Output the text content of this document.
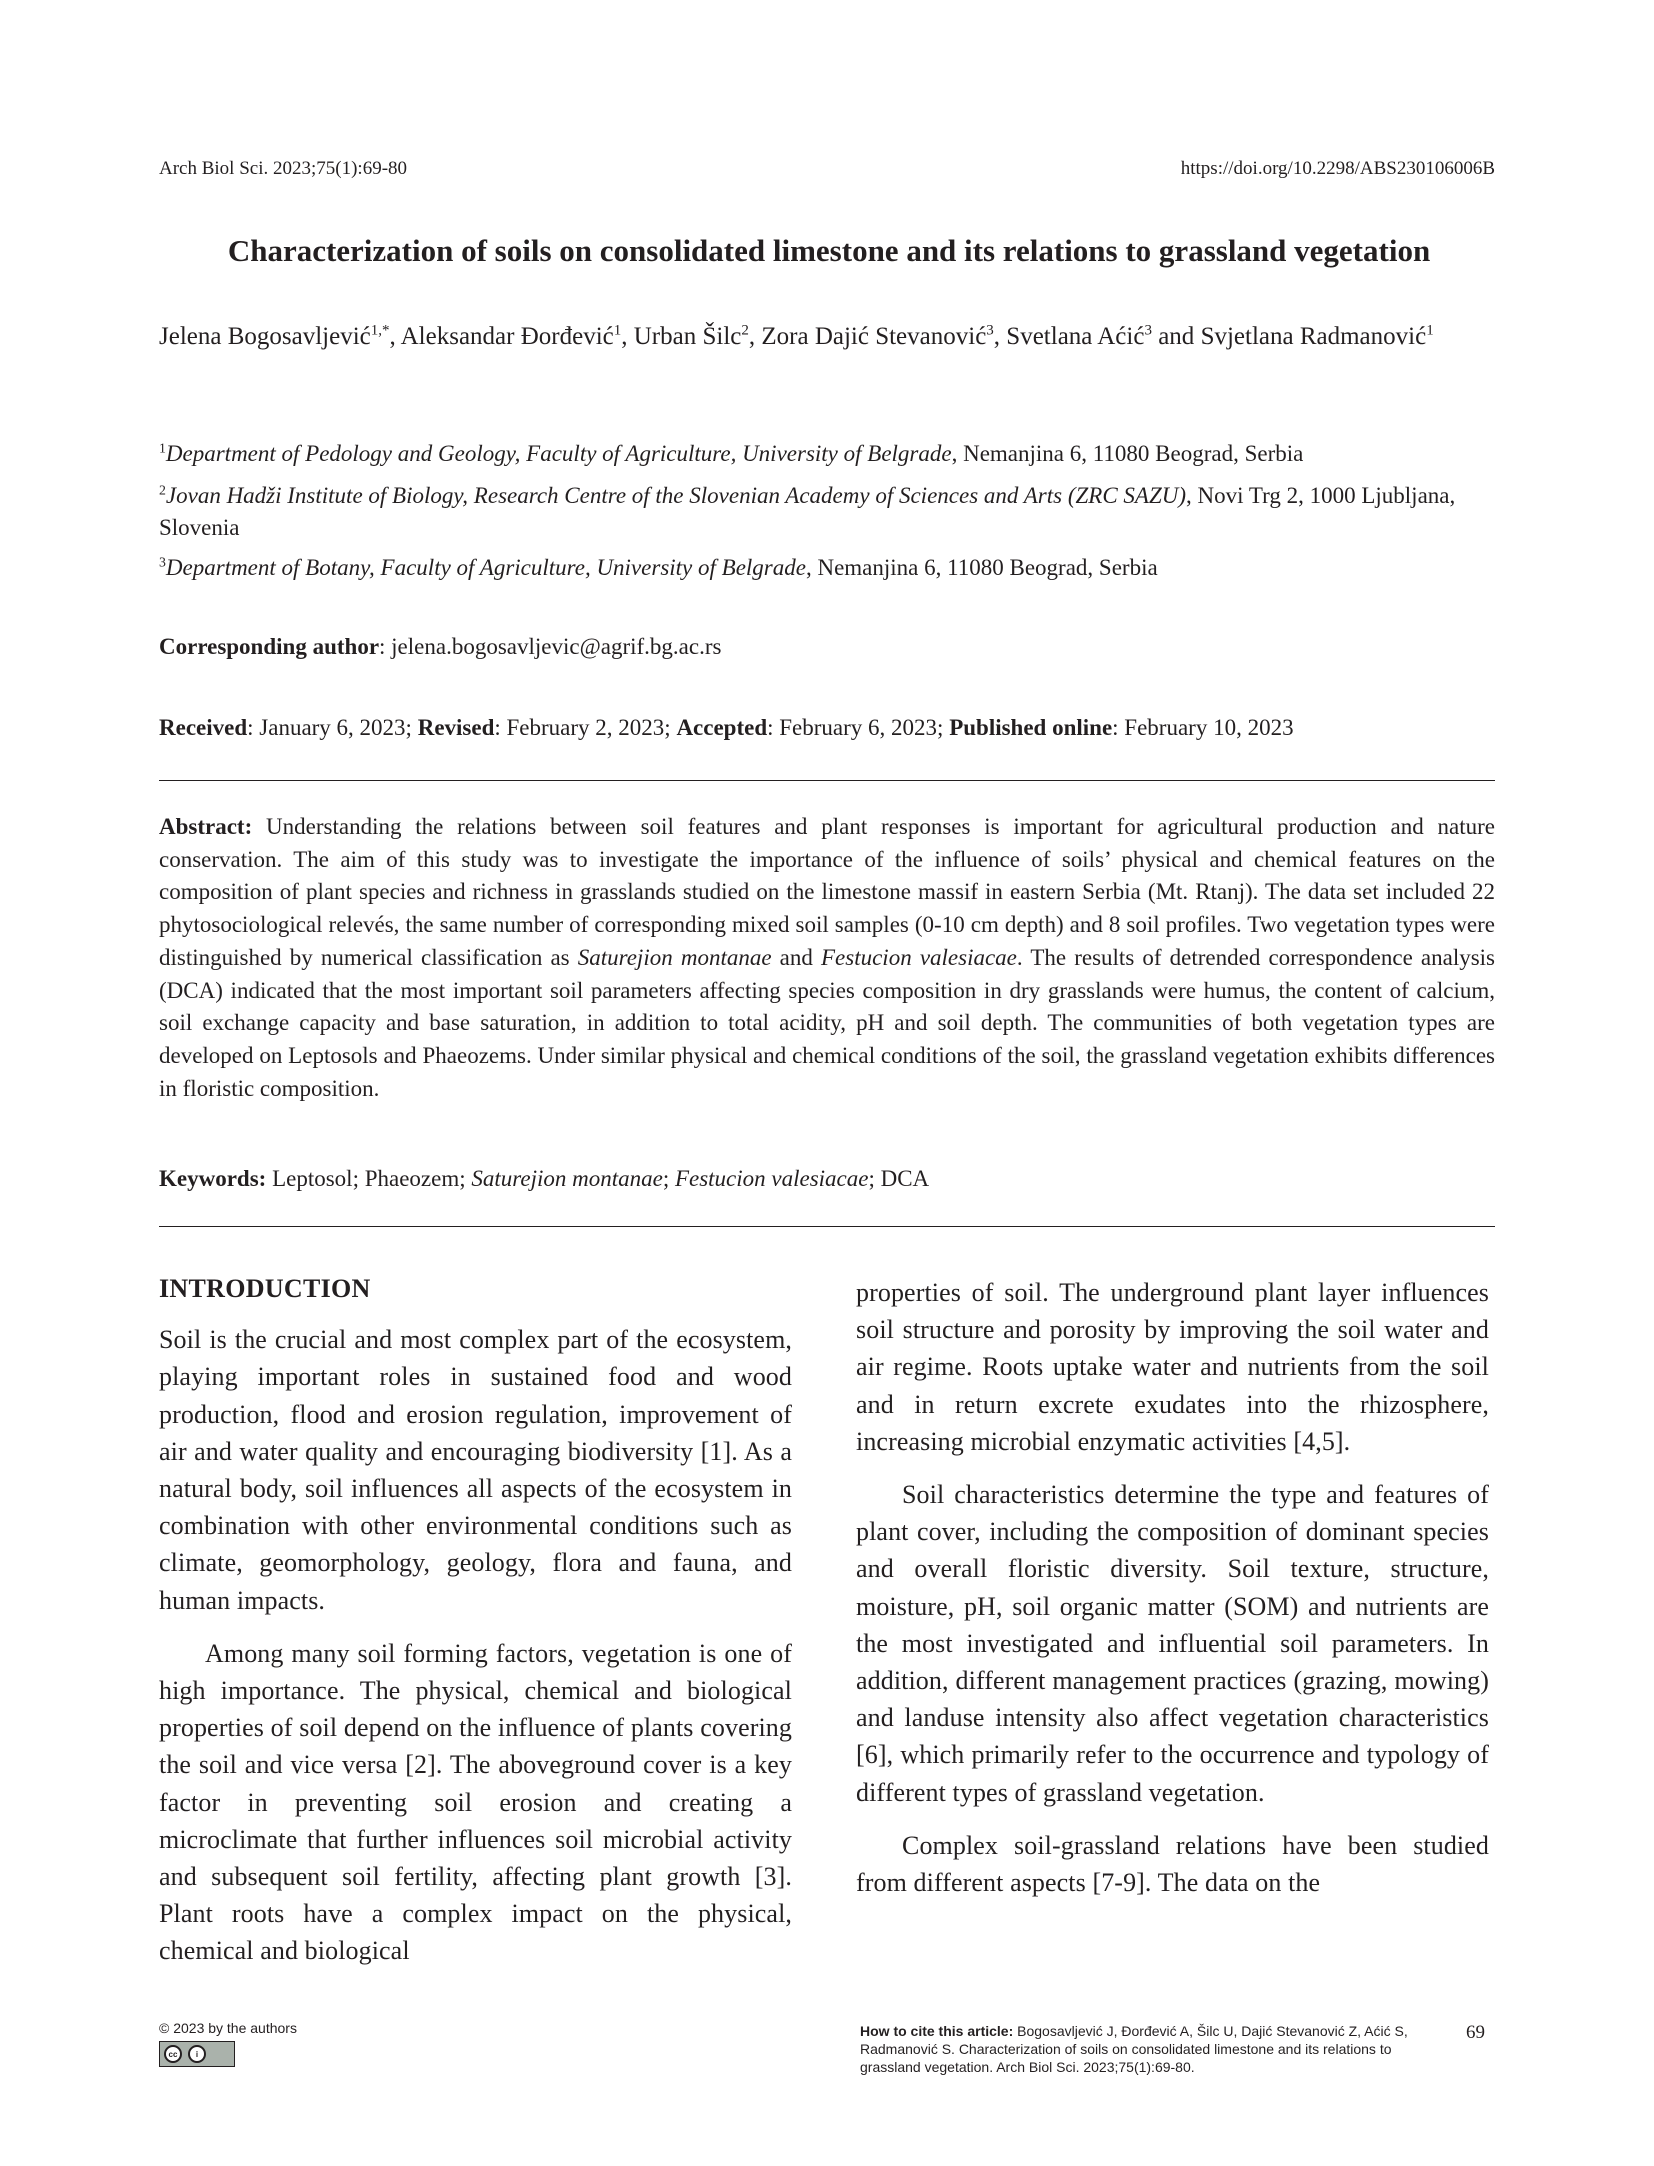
Arch Biol Sci. 2023;75(1):69-80	https://doi.org/10.2298/ABS230106006B
Characterization of soils on consolidated limestone and its relations to grassland vegetation
Jelena Bogosavljević$^{1,*}$, Aleksandar Đorđević$^1$, Urban Šilc$^2$, Zora Dajić Stevanović$^3$, Svetlana Aćić$^3$ and Svjetlana Radmanović$^1$
$^1$Department of Pedology and Geology, Faculty of Agriculture, University of Belgrade, Nemanjina 6, 11080 Beograd, Serbia
$^2$Jovan Hadži Institute of Biology, Research Centre of the Slovenian Academy of Sciences and Arts (ZRC SAZU), Novi Trg 2, 1000 Ljubljana, Slovenia
$^3$Department of Botany, Faculty of Agriculture, University of Belgrade, Nemanjina 6, 11080 Beograd, Serbia
Corresponding author: jelena.bogosavljevic@agrif.bg.ac.rs
Received: January 6, 2023; Revised: February 2, 2023; Accepted: February 6, 2023; Published online: February 10, 2023
Abstract: Understanding the relations between soil features and plant responses is important for agricultural production and nature conservation. The aim of this study was to investigate the importance of the influence of soils’ physical and chemical features on the composition of plant species and richness in grasslands studied on the limestone massif in eastern Serbia (Mt. Rtanj). The data set included 22 phytosociological relevés, the same number of corresponding mixed soil samples (0-10 cm depth) and 8 soil profiles. Two vegetation types were distinguished by numerical classification as Saturejion montanae and Festucion valesiacae. The results of detrended correspondence analysis (DCA) indicated that the most important soil parameters affecting species composition in dry grasslands were humus, the content of calcium, soil exchange capacity and base saturation, in addition to total acidity, pH and soil depth. The communities of both vegetation types are developed on Leptosols and Phaeozems. Under similar physical and chemical conditions of the soil, the grassland vegetation exhibits differences in floristic composition.
Keywords: Leptosol; Phaeozem; Saturejion montanae; Festucion valesiacae; DCA
INTRODUCTION

Soil is the crucial and most complex part of the ecosystem, playing important roles in sustained food and wood production, flood and erosion regulation, improvement of air and water quality and encouraging biodiversity [1]. As a natural body, soil influences all aspects of the ecosystem in combination with other environmental conditions such as climate, geomorphology, geology, flora and fauna, and human impacts.

Among many soil forming factors, vegetation is one of high importance. The physical, chemical and biological properties of soil depend on the influence of plants covering the soil and vice versa [2]. The aboveground cover is a key factor in preventing soil erosion and creating a microclimate that further influences soil microbial activity and subsequent soil fertility, affecting plant growth [3]. Plant roots have a complex impact on the physical, chemical and biological

properties of soil. The underground plant layer influences soil structure and porosity by improving the soil water and air regime. Roots uptake water and nutrients from the soil and in return excrete exudates into the rhizosphere, increasing microbial enzymatic activities [4,5].

Soil characteristics determine the type and features of plant cover, including the composition of dominant species and overall floristic diversity. Soil texture, structure, moisture, pH, soil organic matter (SOM) and nutrients are the most investigated and influential soil parameters. In addition, different management practices (grazing, mowing) and landuse intensity also affect vegetation characteristics [6], which primarily refer to the occurrence and typology of different types of grassland vegetation.

Complex soil-grassland relations have been studied from different aspects [7-9]. The data on the

© 2023 by the authors
cc	i
How to cite this article: Bogosavljević J, Đorđević A, Šilc U, Dajić Stevanović Z, Aćić S, Radmanović S. Characterization of soils on consolidated limestone and its relations to grassland vegetation. Arch Biol Sci. 2023;75(1):69-80.
69
